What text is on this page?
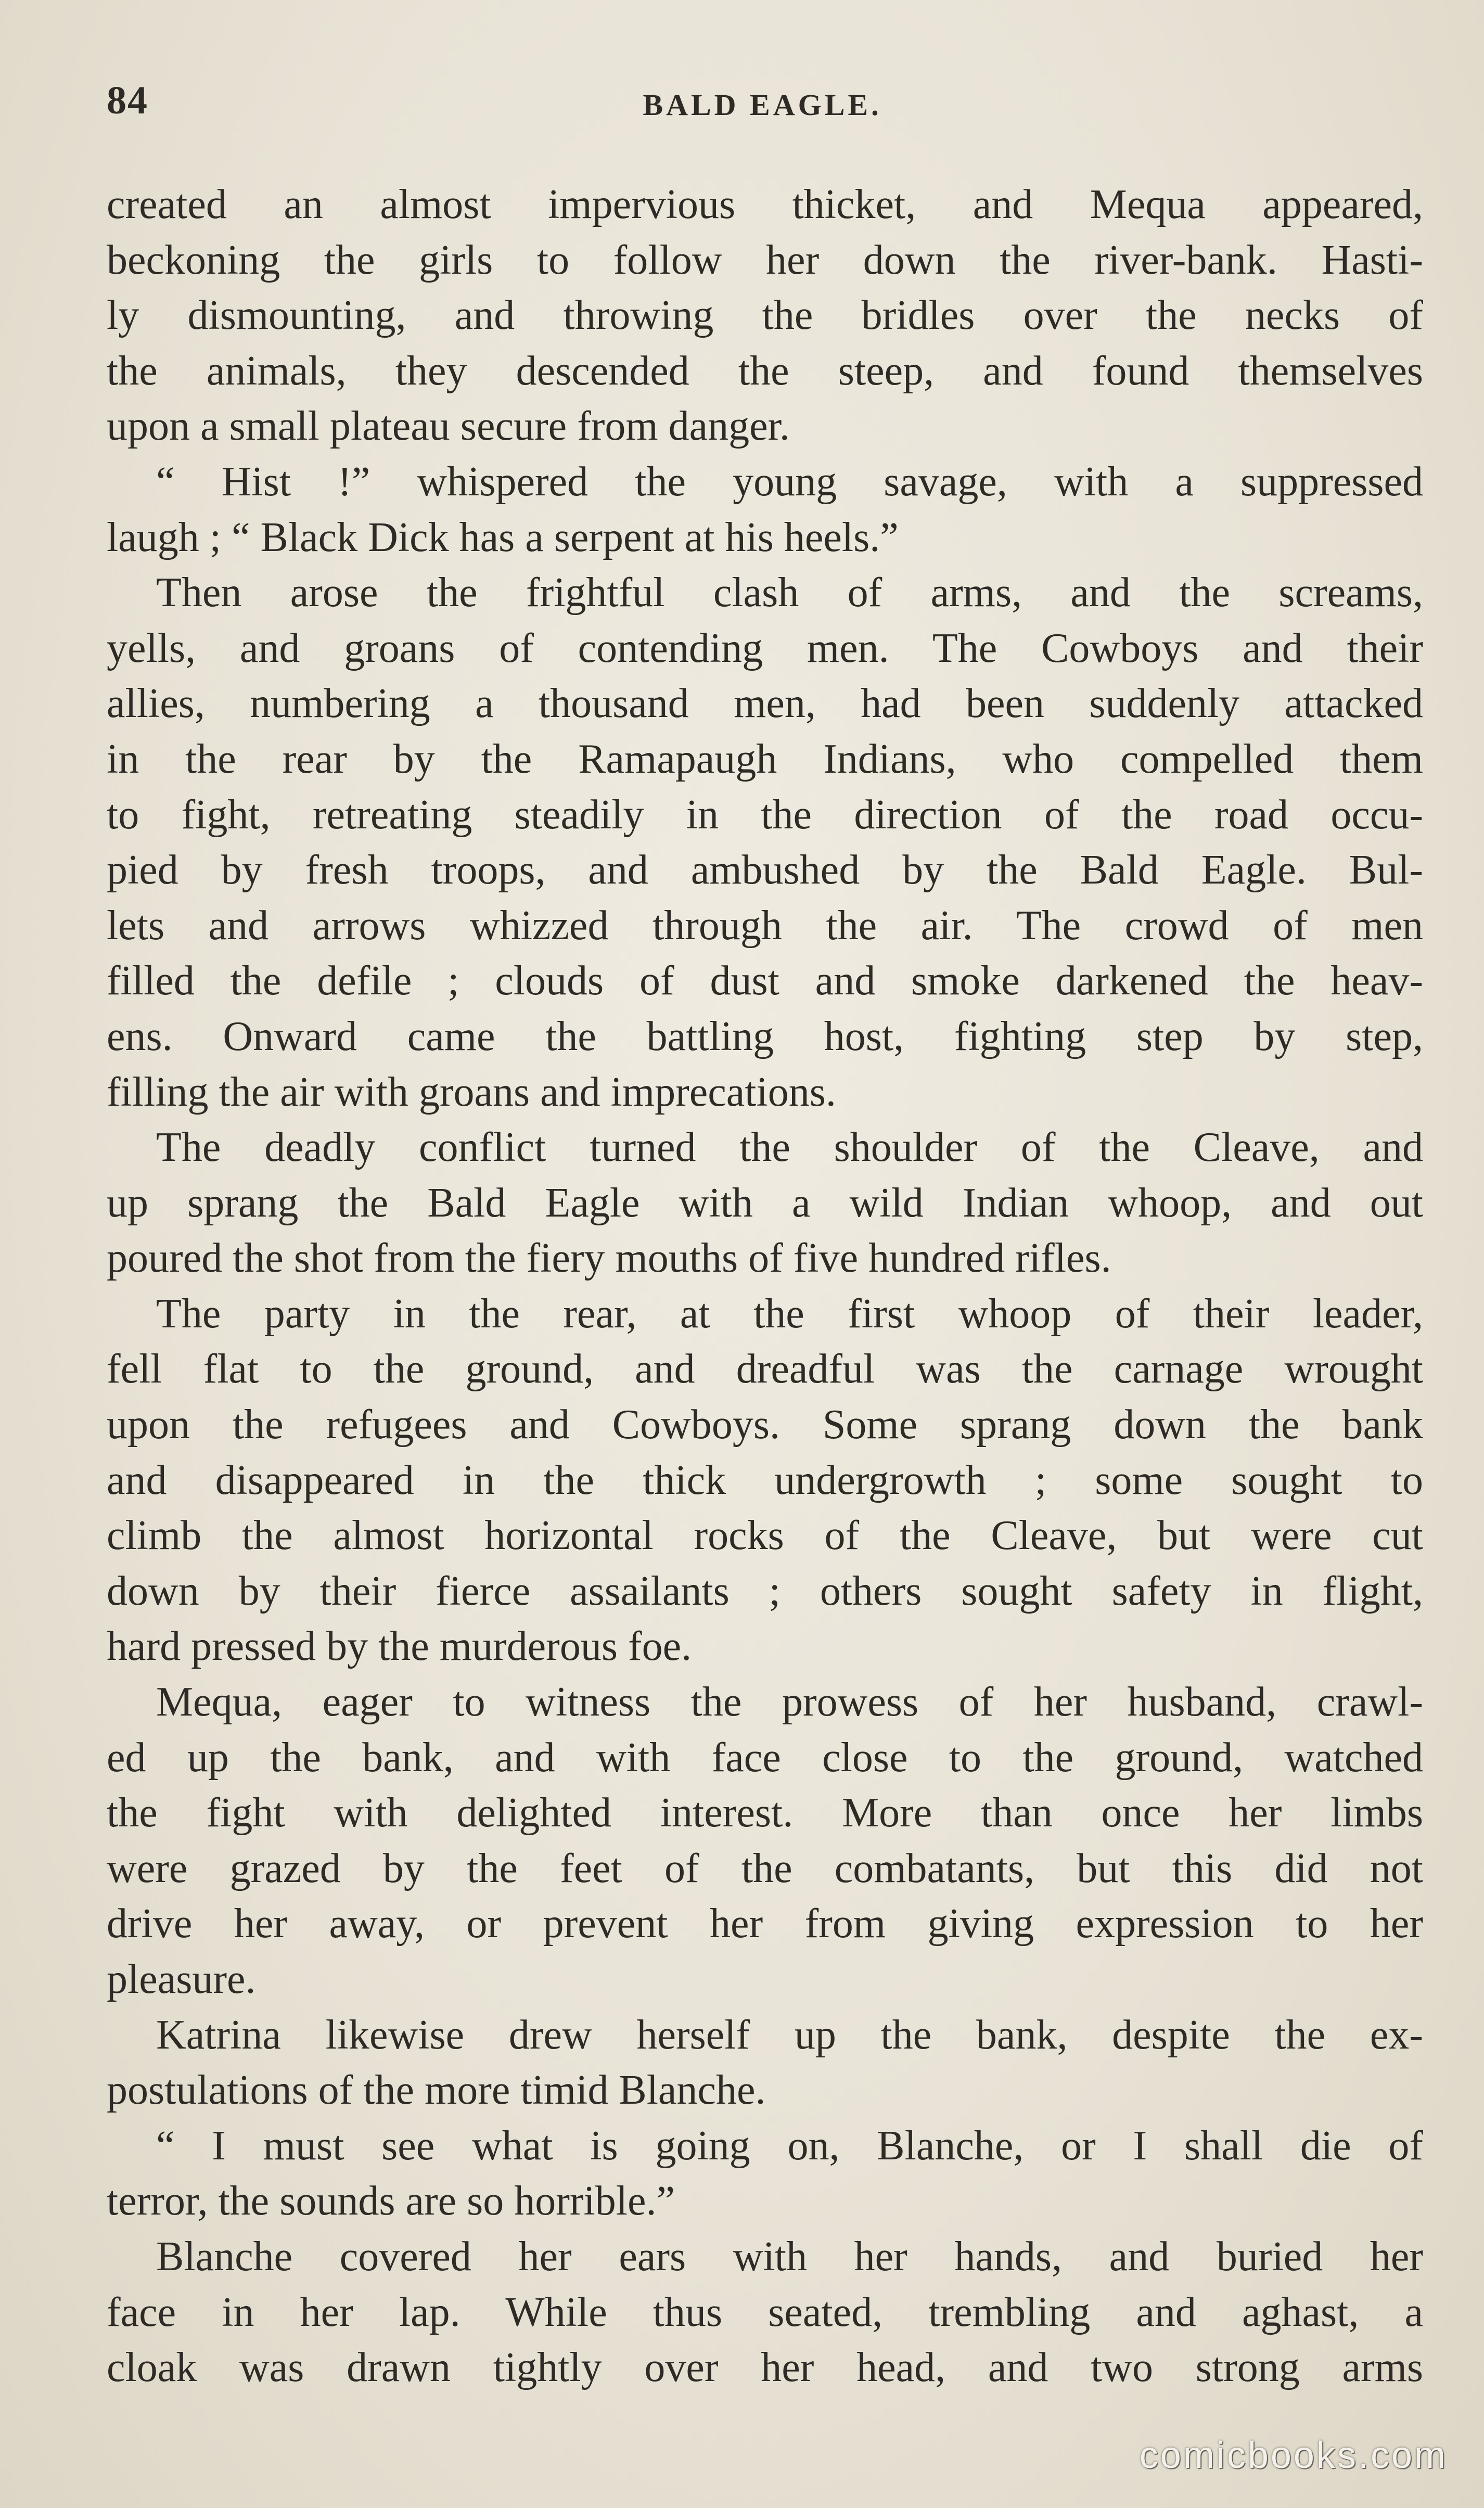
84	BALD EAGLE.
created an almost impervious thicket, and Mequa appeared,
beckoning the girls to follow her down the river-bank. Hasti-
ly dismounting, and throwing the bridles over the necks of
the animals, they descended the steep, and found themselves
upon a small plateau secure from danger.
“ Hist !” whispered the young savage, with a suppressed
laugh ; “ Black Dick has a serpent at his heels.”
Then arose the frightful clash of arms, and the screams,
yells, and groans of contending men. The Cowboys and their
allies, numbering a thousand men, had been suddenly attacked
in the rear by the Ramapaugh Indians, who compelled them
to fight, retreating steadily in the direction of the road occu-
pied by fresh troops, and ambushed by the Bald Eagle. Bul-
lets and arrows whizzed through the air. The crowd of men
filled the defile ; clouds of dust and smoke darkened the heav-
ens. Onward came the battling host, fighting step by step,
filling the air with groans and imprecations.
The deadly conflict turned the shoulder of the Cleave, and
up sprang the Bald Eagle with a wild Indian whoop, and out
poured the shot from the fiery mouths of five hundred rifles.
The party in the rear, at the first whoop of their leader,
fell flat to the ground, and dreadful was the carnage wrought
upon the refugees and Cowboys. Some sprang down the bank
and disappeared in the thick undergrowth ; some sought to
climb the almost horizontal rocks of the Cleave, but were cut
down by their fierce assailants ; others sought safety in flight,
hard pressed by the murderous foe.
Mequa, eager to witness the prowess of her husband, crawl-
ed up the bank, and with face close to the ground, watched
the fight with delighted interest. More than once her limbs
were grazed by the feet of the combatants, but this did not
drive her away, or prevent her from giving expression to her
pleasure.
Katrina likewise drew herself up the bank, despite the ex-
postulations of the more timid Blanche.
“ I must see what is going on, Blanche, or I shall die of
terror, the sounds are so horrible.”
Blanche covered her ears with her hands, and buried her
face in her lap. While thus seated, trembling and aghast, a
cloak was drawn tightly over her head, and two strong arms
comicbooks.com
